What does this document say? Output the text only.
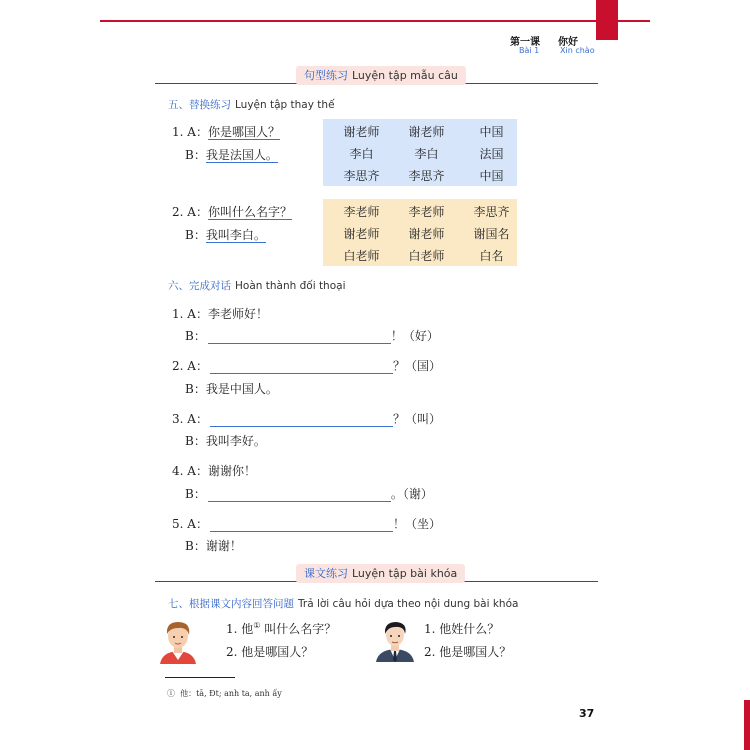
第一课 你好
Bài 1	Xin chào
句型练习 Luyện tập mẫu câu
五、替换练习 Luyện tập thay thế
1. A：你是哪国人？
B：我是法国人。
谢老师	谢老师	中国
李白	李白	法国
李思齐	李思齐	中国
2. A：你叫什么名字？
B：我叫李白。
李老师	李老师	李思齐
谢老师	谢老师	谢国名
白老师	白老师	白名
六、完成对话 Hoàn thành đối thoại
1. A：李老师好！
B：	！（好）
2. A：	？（国）
B：我是中国人。
3. A：	？（叫）
B：我叫李好。
4. A：谢谢你！
B：	。（谢）
5. A：	！（坐）
B：谢谢！
课文练习 Luyện tập bài khóa
七、根据课文内容回答问题 Trả lời câu hỏi dựa theo nội dung bài khóa
1. 他① 叫什么名字？
2. 他是哪国人？
1. 他姓什么？
2. 他是哪国人？
① 他：tā, Đt; anh ta, anh ấy
37
